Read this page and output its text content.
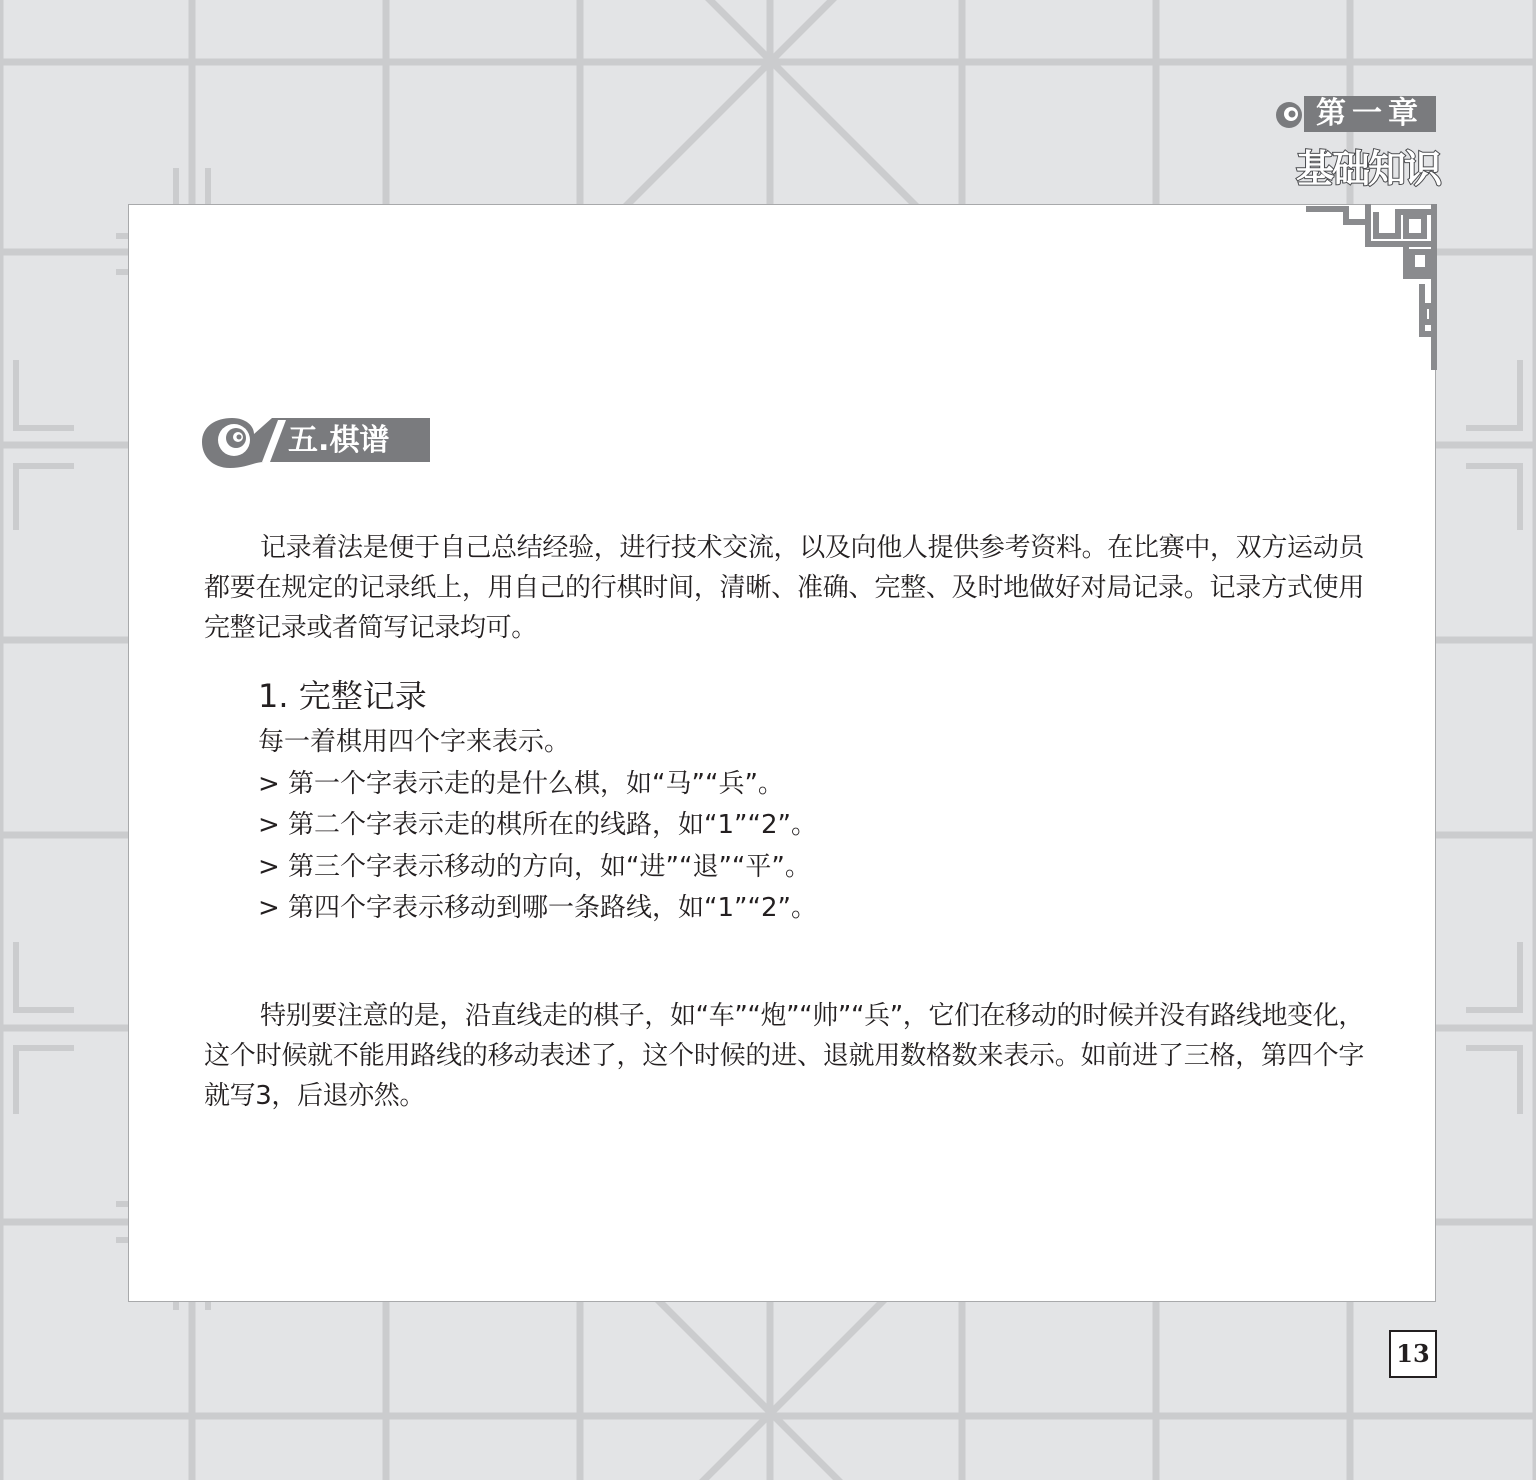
第一章
基础知识
五.棋谱

记录着法是便于自己总结经验，进行技术交流，以及向他人提供参考资料。在比赛中，双方运动员都要在规定的记录纸上，用自己的行棋时间，清晰、准确、完整、及时地做好对局记录。记录方式使用完整记录或者简写记录均可。

1. 完整记录
每一着棋用四个字来表示。
> 第一个字表示走的是什么棋，如“马”“兵”。
> 第二个字表示走的棋所在的线路，如“1”“2”。
> 第三个字表示移动的方向，如“进”“退”“平”。
> 第四个字表示移动到哪一条路线，如“1”“2”。

特别要注意的是，沿直线走的棋子，如“车”“炮”“帅”“兵”，它们在移动的时候并没有路线地变化，这个时候就不能用路线的移动表述了，这个时候的进、退就用数格数来表示。如前进了三格，第四个字就写3，后退亦然。

13
